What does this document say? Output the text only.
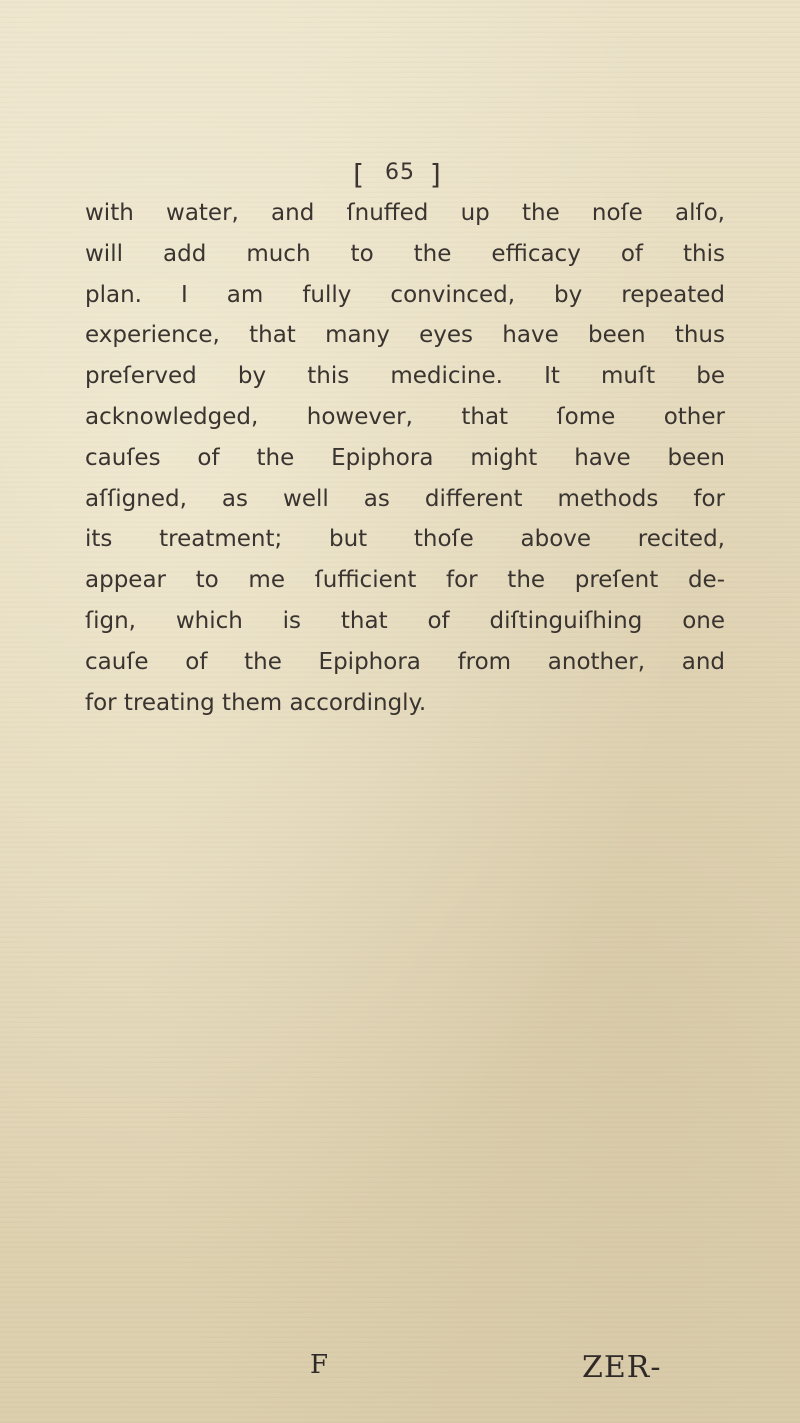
[ 65 ]
with water, and ſnuffed up the noſe alſo,
will add much to the efficacy of this
plan. I am fully convinced, by repeated
experience, that many eyes have been thus
preſerved by this medicine. It muſt be
acknowledged, however, that ſome other
cauſes of the Epiphora might have been
aſſigned, as well as different methods for
its treatment; but thoſe above recited,
appear to me ſufficient for the preſent de-
ſign, which is that of diſtinguiſhing one
cauſe of the Epiphora from another, and
for treating them accordingly.
F	ZER-
